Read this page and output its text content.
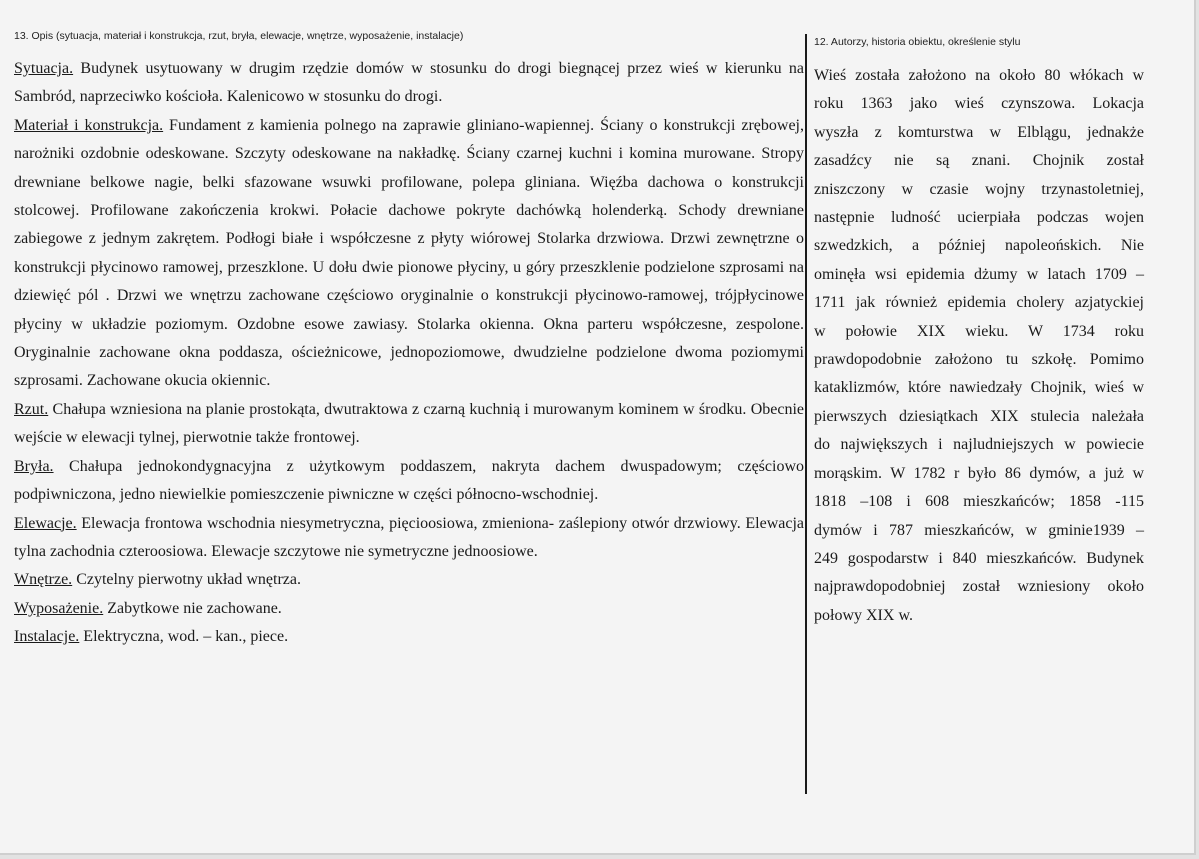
13. Opis (sytuacja, materiał i konstrukcja, rzut, bryła, elewacje, wnętrze, wyposażenie, instalacje)

Sytuacja. Budynek usytuowany w drugim rzędzie domów w stosunku do drogi biegnącej przez wieś w kierunku na Sambród, naprzeciwko kościoła. Kalenicowo w stosunku do drogi.

Materiał i konstrukcja. Fundament z kamienia polnego na zaprawie gliniano-wapiennej. Ściany o konstrukcji zrębowej, narożniki ozdobnie odeskowane. Szczyty odeskowane na nakładkę. Ściany czarnej kuchni i komina murowane. Stropy drewniane belkowe nagie, belki sfazowane wsuwki profilowane, polepa gliniana. Więźba dachowa o konstrukcji stolcowej. Profilowane zakończenia krokwi. Połacie dachowe pokryte dachówką holenderką. Schody drewniane zabiegowe z jednym zakrętem. Podłogi białe i współczesne z płyty wiórowej Stolarka drzwiowa. Drzwi zewnętrzne o konstrukcji płycinowo ramowej, przeszklone. U dołu dwie pionowe płyciny, u góry przeszklenie podzielone szprosami na dziewięć pól . Drzwi we wnętrzu zachowane częściowo oryginalnie o konstrukcji płycinowo-ramowej, trójpłycinowe płyciny w układzie poziomym. Ozdobne esowe zawiasy. Stolarka okienna. Okna parteru współczesne, zespolone. Oryginalnie zachowane okna poddasza, ościeżnicowe, jednopoziomowe, dwudzielne podzielone dwoma poziomymi szprosami. Zachowane okucia okiennic.

Rzut. Chałupa wzniesiona na planie prostokąta, dwutraktowa z czarną kuchnią i murowanym kominem w środku. Obecnie wejście w elewacji tylnej, pierwotnie także frontowej.

Bryła. Chałupa jednokondygnacyjna z użytkowym poddaszem, nakryta dachem dwuspadowym; częściowo podpiwniczona, jedno niewielkie pomieszczenie piwniczne w części północno-wschodniej.

Elewacje. Elewacja frontowa wschodnia niesymetryczna, pięcioosiowa, zmieniona- zaślepiony otwór drzwiowy. Elewacja tylna zachodnia czteroosiowa. Elewacje szczytowe nie symetryczne jednoosiowe.

Wnętrze. Czytelny pierwotny układ wnętrza.

Wyposażenie. Zabytkowe nie zachowane.

Instalacje. Elektryczna, wod. – kan., piece.

12. Autorzy, historia obiektu, określenie stylu

Wieś została założono na około 80 włókach w
roku 1363 jako wieś czynszowa. Lokacja
wyszła z komturstwa w Elblągu, jednakże
zasadźcy nie są znani. Chojnik został
zniszczony w czasie wojny trzynastoletniej,
następnie ludność ucierpiała podczas wojen
szwedzkich, a później napoleońskich. Nie
ominęła wsi epidemia dżumy w latach 1709 –
1711 jak również epidemia cholery azjatyckiej
w połowie XIX wieku. W 1734 roku
prawdopodobnie założono tu szkołę. Pomimo
kataklizmów, które nawiedzały Chojnik, wieś w
pierwszych dziesiątkach XIX stulecia należała
do największych i najludniejszych w powiecie
morąskim. W 1782 r było 86 dymów, a już w
1818 –108 i 608 mieszkańców; 1858 -115
dymów i 787 mieszkańców, w gminie1939 –
249 gospodarstw i 840 mieszkańców. Budynek
najprawdopodobniej został wzniesiony około
połowy XIX w.
